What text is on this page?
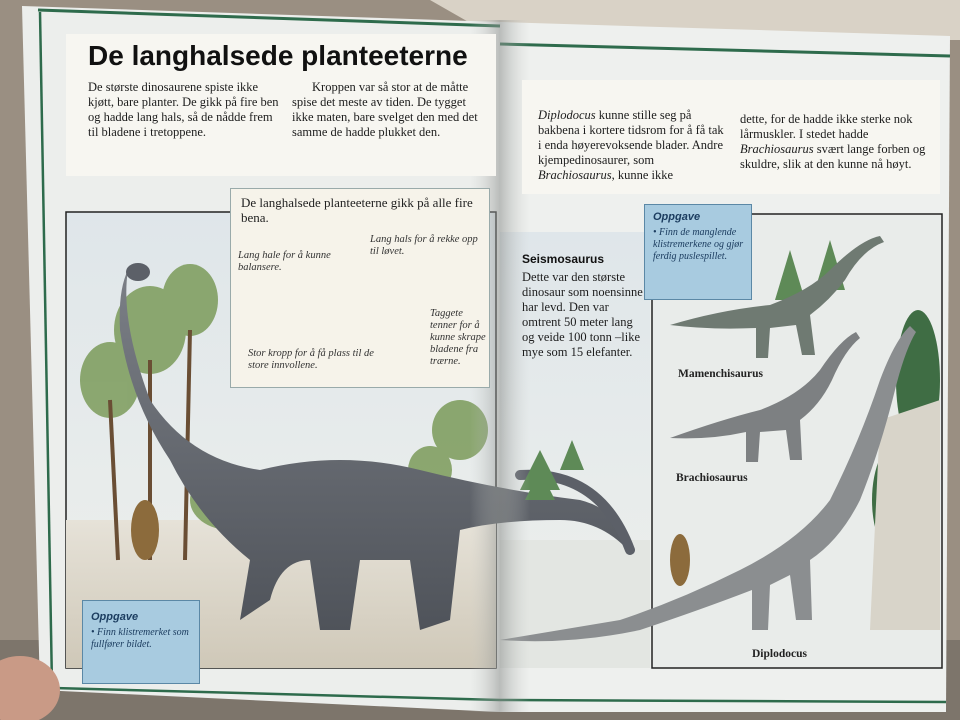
De langhalsede planteeterne
De største dinosaurene spiste ikke kjøtt, bare planter. De gikk på fire ben og hadde lang hals, så de nådde frem til bladene i tretoppene.
Kroppen var så stor at de måtte spise det meste av tiden. De tygget ikke maten, bare svelget den med det samme de hadde plukket den.
De langhalsede planteeterne gikk på alle fire bena.
Lang hale for å kunne balansere.
Lang hals for å rekke opp til løvet.
Taggete tenner for å kunne skrape bladene fra trærne.
Stor kropp for å få plass til de store innvollene.
Oppgave
• Finn klistremerket som fullfører bildet.
Diplodocus kunne stille seg på bakbena i kortere tidsrom for å få tak i enda høyerevoksende blader. Andre kjempedinosaurer, som Brachiosaurus, kunne ikke
dette, for de hadde ikke sterke nok lårmuskler. I stedet hadde Brachiosaurus svært lange forben og skuldre, slik at den kunne nå høyt.
Seismosaurus
Dette var den største dinosaur som noensinne har levd. Den var omtrent 50 meter lang og veide 100 tonn –like mye som 15 elefanter.
Oppgave
• Finn de manglende klistremerkene og gjør ferdig puslespillet.
Mamenchisaurus
Brachiosaurus
Diplodocus
